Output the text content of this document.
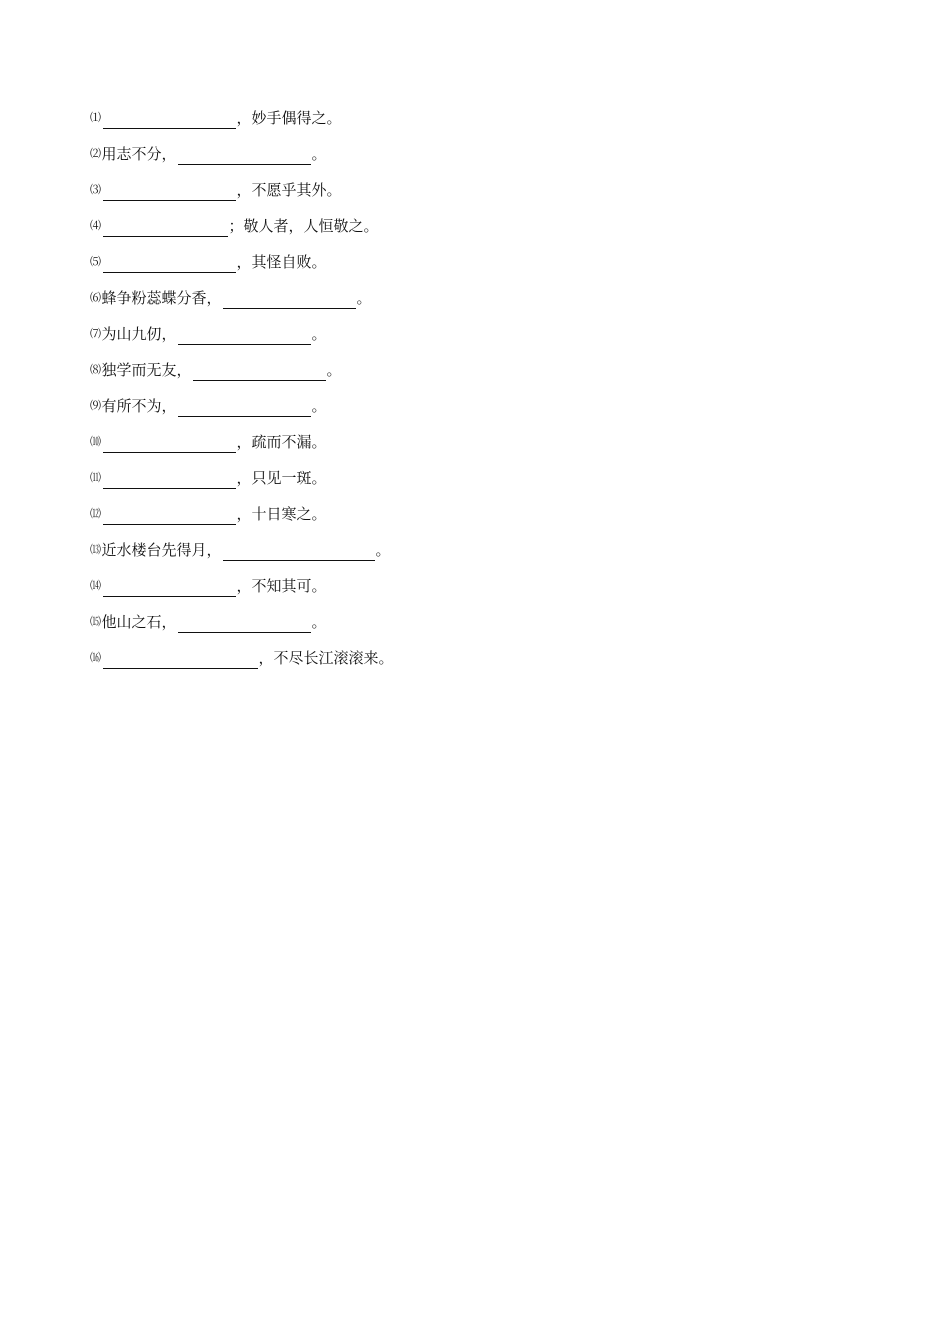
⑴	，妙手偶得之。
⑵ 用志不分，	。
⑶	，不愿乎其外。
⑷	；敬人者，人恒敬之。
⑸	，其怪自败。
⑹ 蜂争粉蕊蝶分香，	。
⑺ 为山九仞，	。
⑻ 独学而无友，	。
⑼ 有所不为，	。
⑽	，疏而不漏。
⑾	，只见一斑。
⑿	，十日寒之。
⒀ 近水楼台先得月，	。
⒁	，不知其可。
⒂ 他山之石，	。
⒃	，不尽长江滚滚来。
